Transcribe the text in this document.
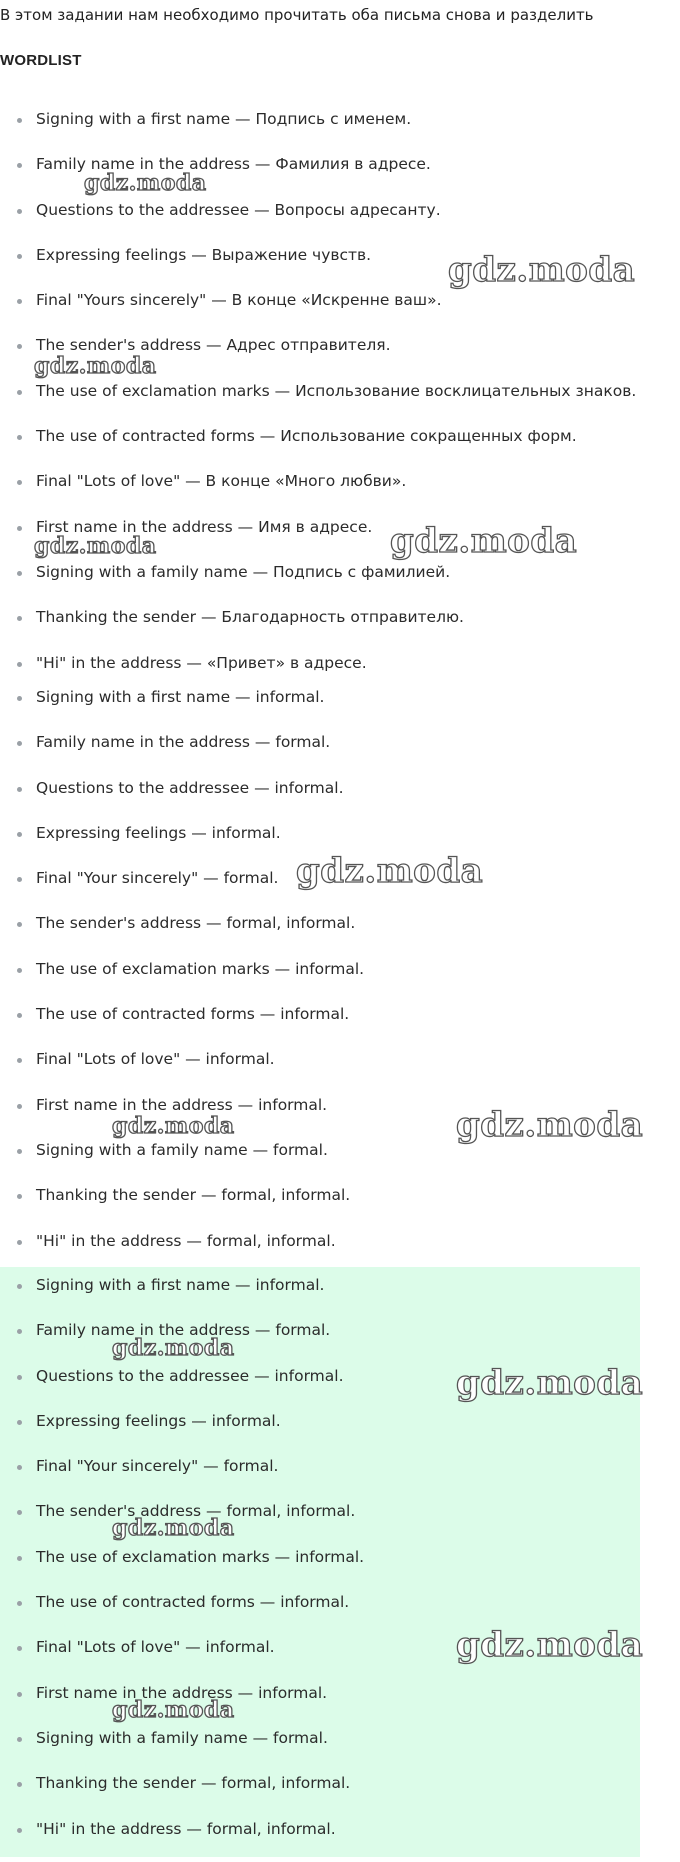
В этом задании нам необходимо прочитать оба письма снова и разделить
WORDLIST
Signing with a first name — Подпись с именем.
Family name in the address — Фамилия в адресе.
Questions to the addressee — Вопросы адресанту.
Expressing feelings — Выражение чувств.
Final "Yours sincerely" — В конце «Искренне ваш».
The sender's address — Адрес отправителя.
The use of exclamation marks — Использование восклицательных знаков.
The use of contracted forms — Использование сокращенных форм.
Final "Lots of love" — В конце «Много любви».
First name in the address — Имя в адресе.
Signing with a family name — Подпись с фамилией.
Thanking the sender — Благодарность отправителю.
"Hi" in the address — «Привет» в адресе.
Signing with a first name — informal.
Family name in the address — formal.
Questions to the addressee — informal.
Expressing feelings — informal.
Final "Your sincerely" — formal.
The sender's address — formal, informal.
The use of exclamation marks — informal.
The use of contracted forms — informal.
Final "Lots of love" — informal.
First name in the address — informal.
Signing with a family name — formal.
Thanking the sender — formal, informal.
"Hi" in the address — formal, informal.
Signing with a first name — informal.
Family name in the address — formal.
Questions to the addressee — informal.
Expressing feelings — informal.
Final "Your sincerely" — formal.
The sender's address — formal, informal.
The use of exclamation marks — informal.
The use of contracted forms — informal.
Final "Lots of love" — informal.
First name in the address — informal.
Signing with a family name — formal.
Thanking the sender — formal, informal.
"Hi" in the address — formal, informal.
gdz.moda
gdz.moda
gdz.moda
gdz.moda	gdz.moda
gdz.moda
gdz.moda	gdz.moda
gdz.moda
gdz.moda
gdz.moda
gdz.moda
gdz.moda
